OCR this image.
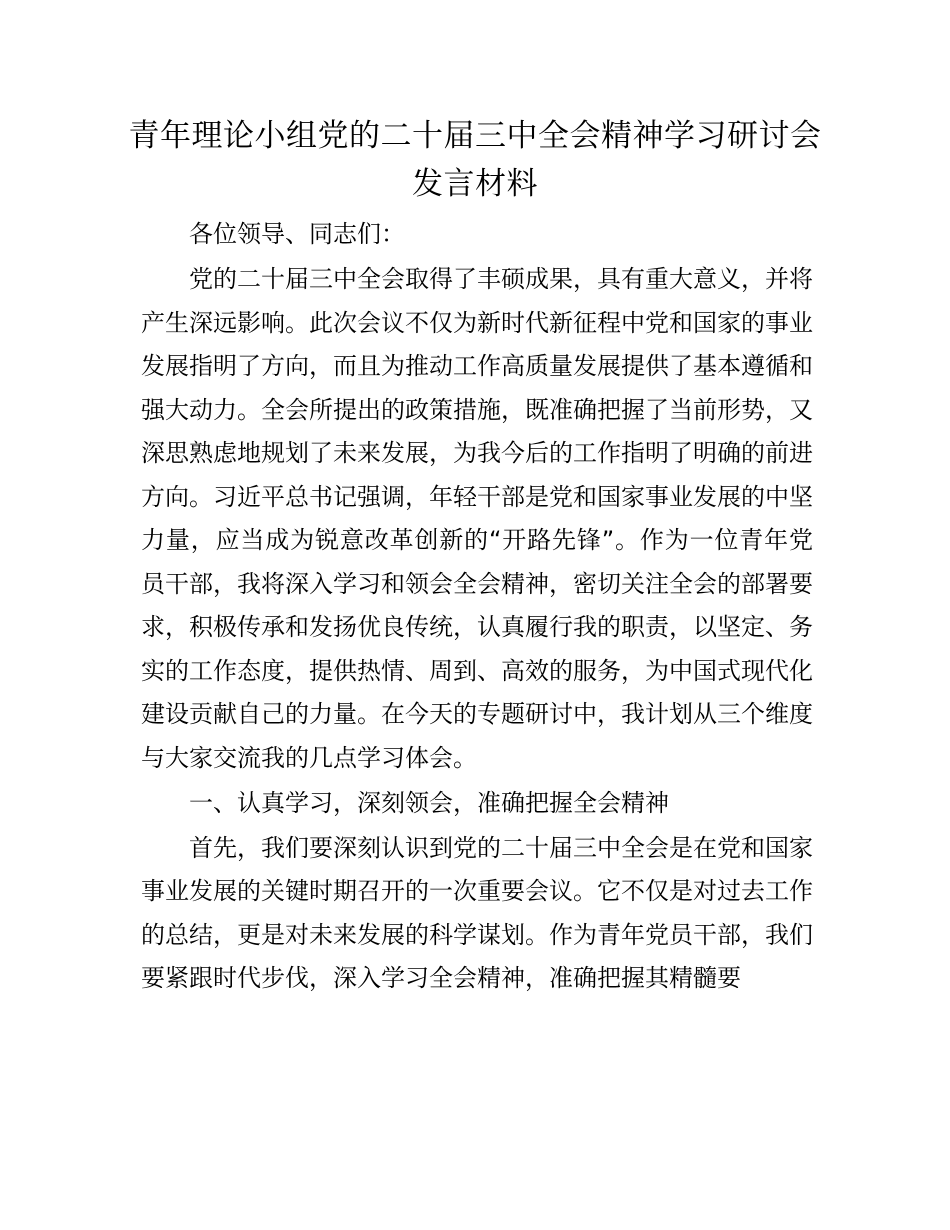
青年理论小组党的二十届三中全会精神学习研讨会发言材料

各位领导、同志们：

党的二十届三中全会取得了丰硕成果，具有重大意义，并将产生深远影响。此次会议不仅为新时代新征程中党和国家的事业发展指明了方向，而且为推动工作高质量发展提供了基本遵循和强大动力。全会所提出的政策措施，既准确把握了当前形势，又深思熟虑地规划了未来发展，为我今后的工作指明了明确的前进方向。习近平总书记强调，年轻干部是党和国家事业发展的中坚力量，应当成为锐意改革创新的“开路先锋”。作为一位青年党员干部，我将深入学习和领会全会精神，密切关注全会的部署要求，积极传承和发扬优良传统，认真履行我的职责，以坚定、务实的工作态度，提供热情、周到、高效的服务，为中国式现代化建设贡献自己的力量。在今天的专题研讨中，我计划从三个维度与大家交流我的几点学习体会。

一、认真学习，深刻领会，准确把握全会精神

首先，我们要深刻认识到党的二十届三中全会是在党和国家事业发展的关键时期召开的一次重要会议。它不仅是对过去工作的总结，更是对未来发展的科学谋划。作为青年党员干部，我们要紧跟时代步伐，深入学习全会精神，准确把握其精髓要
